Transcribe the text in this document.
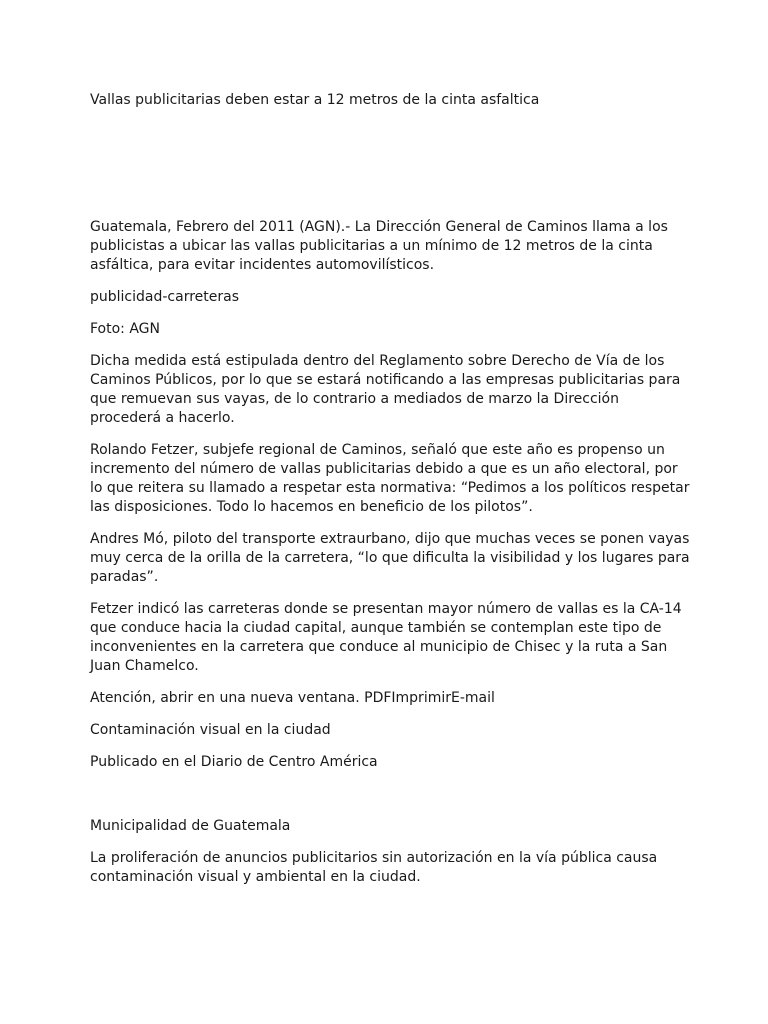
Vallas publicitarias deben estar a 12 metros de la cinta asfaltica

Guatemala, Febrero del 2011 (AGN).- La Dirección General de Caminos llama a los publicistas a ubicar las vallas publicitarias a un mínimo de 12 metros de la cinta asfáltica, para evitar incidentes automovilísticos.

publicidad-carreteras

Foto: AGN

Dicha medida está estipulada dentro del Reglamento sobre Derecho de Vía de los Caminos Públicos, por lo que se estará notificando a las empresas publicitarias para que remuevan sus vayas, de lo contrario a mediados de marzo la Dirección procederá a hacerlo.

Rolando Fetzer, subjefe regional de Caminos, señaló que este año es propenso un incremento del número de vallas publicitarias debido a que es un año electoral, por lo que reitera su llamado a respetar esta normativa: “Pedimos a los políticos respetar las disposiciones. Todo lo hacemos en beneficio de los pilotos”.

Andres Mó, piloto del transporte extraurbano, dijo que muchas veces se ponen vayas muy cerca de la orilla de la carretera, “lo que dificulta la visibilidad y los lugares para paradas”.

Fetzer indicó las carreteras donde se presentan mayor número de vallas es la CA-14 que conduce hacia la ciudad capital, aunque también se contemplan este tipo de inconvenientes en la carretera que conduce al municipio de Chisec y la ruta a San Juan Chamelco.

Atención, abrir en una nueva ventana. PDFImprimirE-mail

Contaminación visual en la ciudad

Publicado en el Diario de Centro América

Municipalidad de Guatemala

La proliferación de anuncios publicitarios sin autorización en la vía pública causa contaminación visual y ambiental en la ciudad.
